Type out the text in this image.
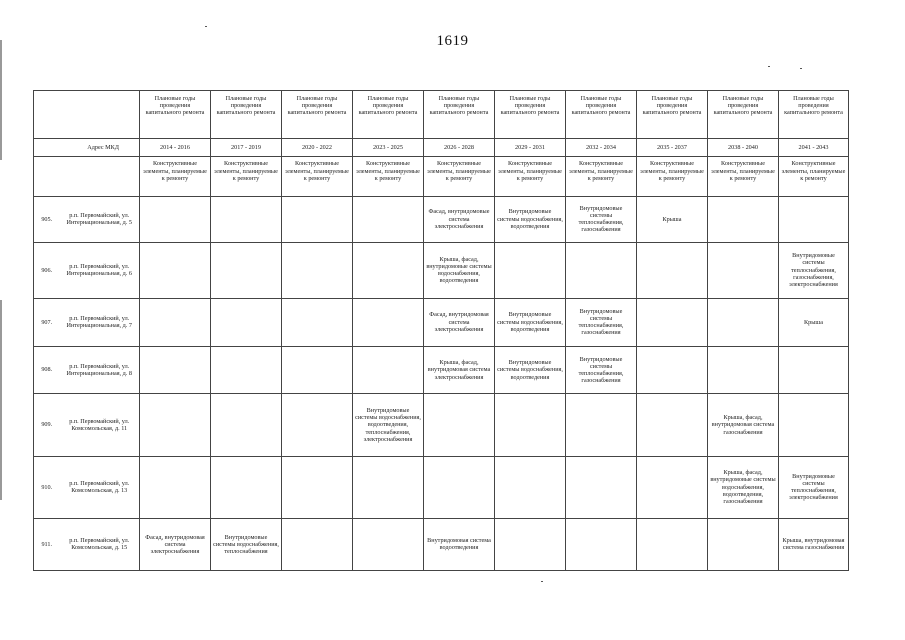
1619
		Плановые годы проведения капитального ремонта	Плановые годы проведения капитального ремонта	Плановые годы проведения капитального ремонта	Плановые годы проведения капитального ремонта	Плановые годы проведения капитального ремонта	Плановые годы проведения капитального ремонта	Плановые годы проведения капитального ремонта	Плановые годы проведения капитального ремонта	Плановые годы проведения капитального ремонта	Плановые годы проведения капитального ремонта
Адрес МКД		2014 - 2016	2017 - 2019	2020 - 2022	2023 - 2025	2026 - 2028	2029 - 2031	2032 - 2034	2035 - 2037	2038 - 2040	2041 - 2043
		Конструктивные элементы, планируемые к ремонту	Конструктивные элементы, планируемые к ремонту	Конструктивные элементы, планируемые к ремонту	Конструктивные элементы, планируемые к ремонту	Конструктивные элементы, планируемые к ремонту	Конструктивные элементы, планируемые к ремонту	Конструктивные элементы, планируемые к ремонту	Конструктивные элементы, планируемые к ремонту	Конструктивные элементы, планируемые к ремонту	Конструктивные элементы, планируемые к ремонту
905.	р.п. Первомайский, ул. Интернациональная, д. 5					Фасад, внутридомовые система электроснабжения	Внутридомовые системы водоснабжения, водоотведения	Внутридомовые системы теплоснабжения, газоснабжения	Крыша		
906.	р.п. Первомайский, ул. Интернациональная, д. 6					Крыша, фасад, внутридомовые системы водоснабжения, водоотведения					Внутридомовые системы теплоснабжения, газоснабжения, электроснабжения
907.	р.п. Первомайский, ул. Интернациональная, д. 7					Фасад, внутридомовая система электроснабжения	Внутридомовые системы водоснабжения, водоотведения	Внутридомовые системы теплоснабжения, газоснабжения			Крыша
908.	р.п. Первомайский, ул. Интернациональная, д. 8					Крыша, фасад, внутридомовая система электроснабжения	Внутридомовые системы водоснабжения, водоотведения	Внутридомовые системы теплоснабжения, газоснабжения			
909.	р.п. Первомайский, ул. Комсомольская, д. 11				Внутридомовые системы водоснабжения, водоотведения, теплоснабжения, электроснабжения					Крыша, фасад, внутридомовая система газоснабжения	
910.	р.п. Первомайский, ул. Комсомольская, д. 13									Крыша, фасад, внутридомовые системы водоснабжения, водоотведения, газоснабжения	Внутридомовые системы теплоснабжения, электроснабжения
911.	р.п. Первомайский, ул. Комсомольская, д. 15	Фасад, внутридомовая система электроснабжения	Внутридомовые системы водоснабжения, теплоснабжения			Внутридомовая система водоотведения					Крыша, внутридомовая система газоснабжения
